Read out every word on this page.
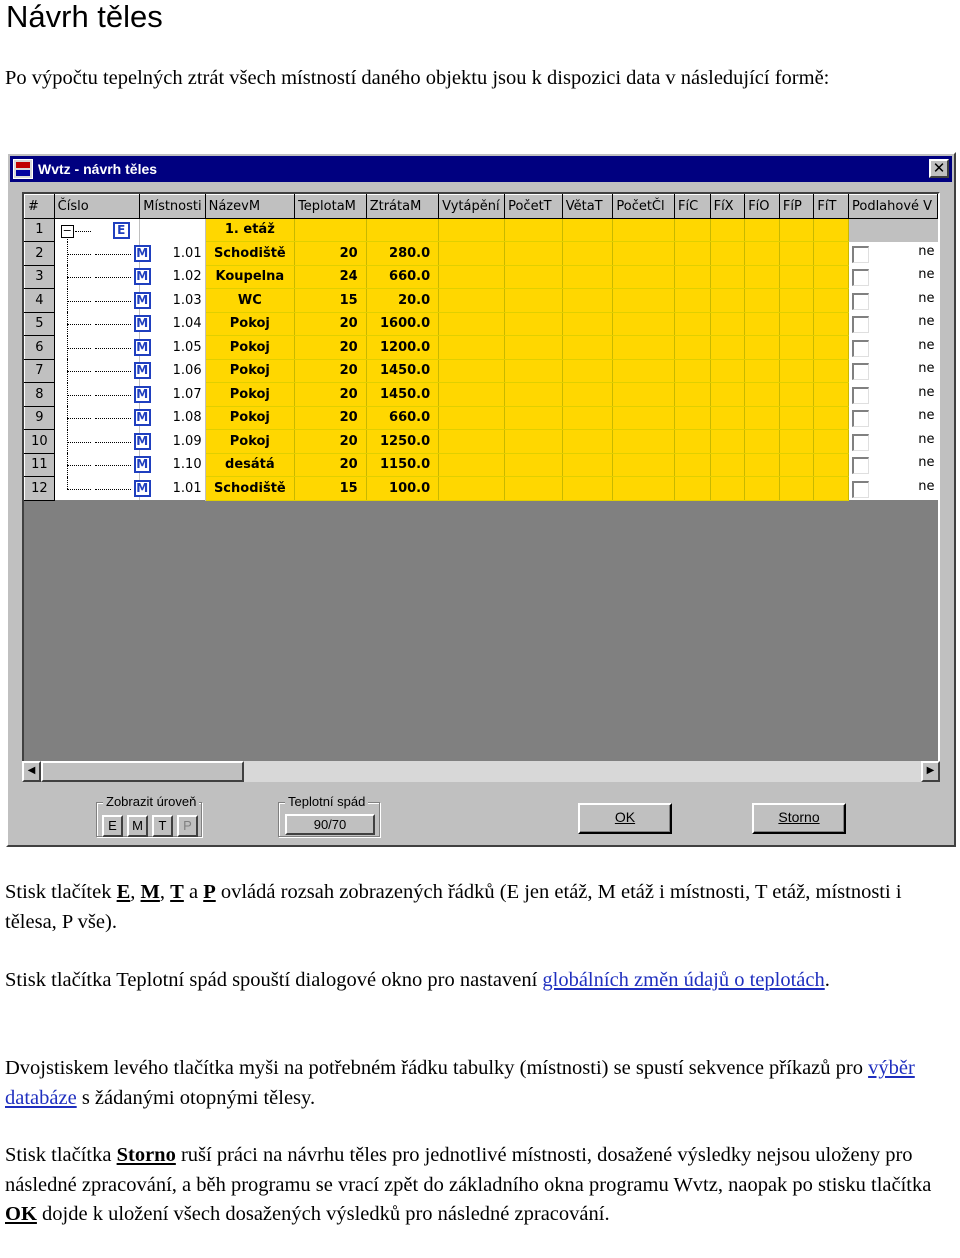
Návrh těles

Po výpočtu tepelných ztrát všech místností daného objektu jsou k dispozici data v následující formě:

Wvtz - návrh těles	✕
#	Číslo	Místnosti	NázevM	TeplotaM	ZtrátaM	Vytápění	PočetT	VětaT	PočetČl	FíC	FíX	FíO	FíP	FíT	Podlahové V
1	− E		1. etáž												
2	M	1.01	Schodiště	20	280.0										ne
3	M	1.02	Koupelna	24	660.0										ne
4	M	1.03	WC	15	20.0										ne
5	M	1.04	Pokoj	20	1600.0										ne
6	M	1.05	Pokoj	20	1200.0										ne
7	M	1.06	Pokoj	20	1450.0										ne
8	M	1.07	Pokoj	20	1450.0										ne
9	M	1.08	Pokoj	20	660.0										ne
10	M	1.09	Pokoj	20	1250.0										ne
11	M	1.10	desátá	20	1150.0										ne
12	M	1.01	Schodiště	15	100.0										ne
◀	▶
Zobrazit úroveň
E	M	T	P
Teplotní spád
90/70	OK	Storno

Stisk tlačítek E, M, T a P ovládá rozsah zobrazených řádků (E jen etáž, M etáž i místnosti, T etáž, místnosti i tělesa, P vše).

Stisk tlačítka Teplotní spád spouští dialogové okno pro nastavení globálních změn údajů o teplotách.

Dvojstiskem levého tlačítka myši na potřebném řádku tabulky (místnosti) se spustí sekvence příkazů pro výběr databáze s žádanými otopnými tělesy.

Stisk tlačítka Storno ruší práci na návrhu těles pro jednotlivé místnosti, dosažené výsledky nejsou uloženy pro následné zpracování, a běh programu se vrací zpět do základního okna programu Wvtz, naopak po stisku tlačítka OK dojde k uložení všech dosažených výsledků pro následné zpracování.
